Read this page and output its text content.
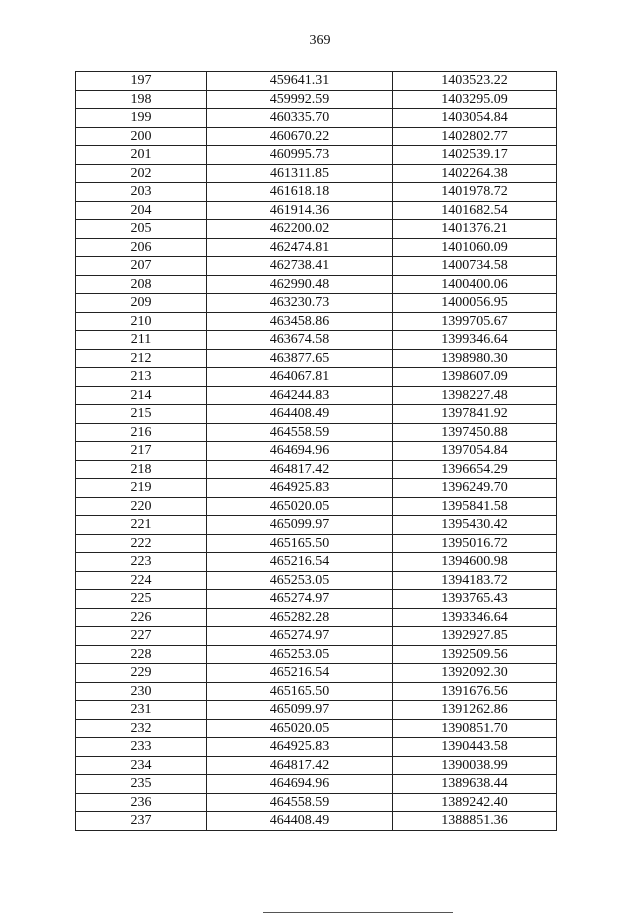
369
197	459641.31	1403523.22
198	459992.59	1403295.09
199	460335.70	1403054.84
200	460670.22	1402802.77
201	460995.73	1402539.17
202	461311.85	1402264.38
203	461618.18	1401978.72
204	461914.36	1401682.54
205	462200.02	1401376.21
206	462474.81	1401060.09
207	462738.41	1400734.58
208	462990.48	1400400.06
209	463230.73	1400056.95
210	463458.86	1399705.67
211	463674.58	1399346.64
212	463877.65	1398980.30
213	464067.81	1398607.09
214	464244.83	1398227.48
215	464408.49	1397841.92
216	464558.59	1397450.88
217	464694.96	1397054.84
218	464817.42	1396654.29
219	464925.83	1396249.70
220	465020.05	1395841.58
221	465099.97	1395430.42
222	465165.50	1395016.72
223	465216.54	1394600.98
224	465253.05	1394183.72
225	465274.97	1393765.43
226	465282.28	1393346.64
227	465274.97	1392927.85
228	465253.05	1392509.56
229	465216.54	1392092.30
230	465165.50	1391676.56
231	465099.97	1391262.86
232	465020.05	1390851.70
233	464925.83	1390443.58
234	464817.42	1390038.99
235	464694.96	1389638.44
236	464558.59	1389242.40
237	464408.49	1388851.36
